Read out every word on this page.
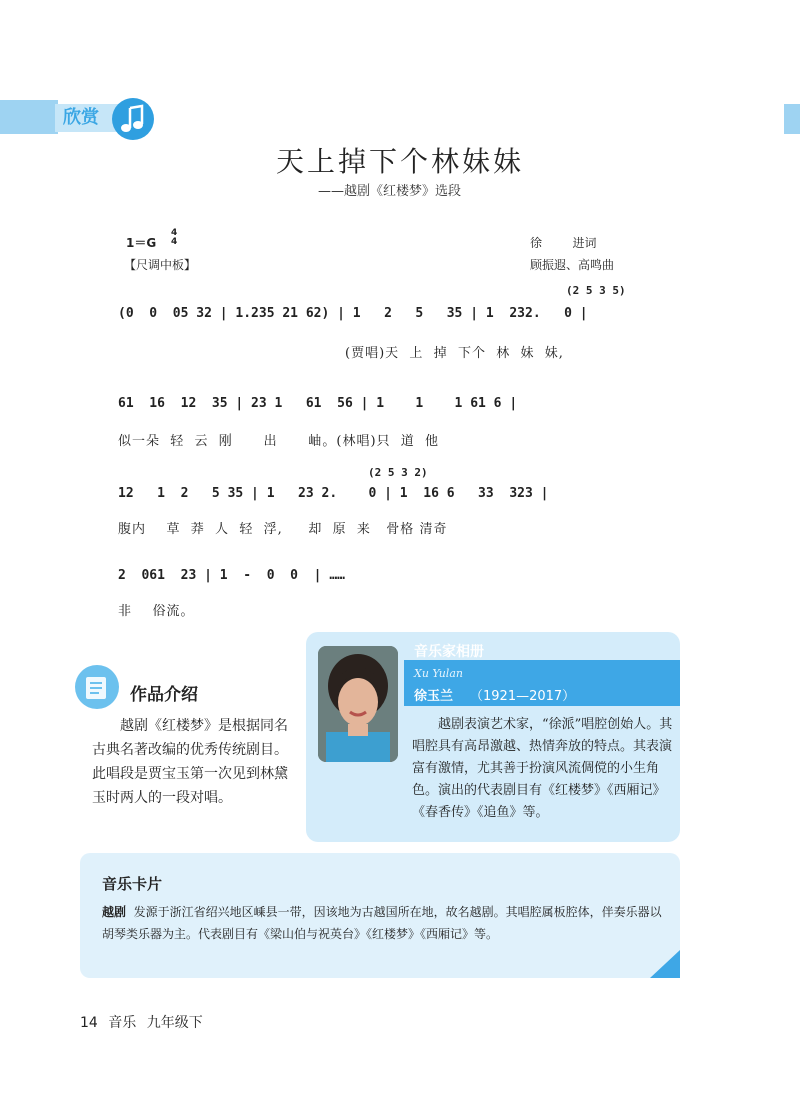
欣赏
天上掉下个林妹妹
——越剧《红楼梦》选段
1＝G
4
4
【尺调中板】
徐        进词
顾振遐、高鸣曲
(2 5 3 5)
(0  0  05 32 | 1.235 21 62) | 1   2   5   35 | 1  232.   0 |
(贾唱)天  上  掉  下个  林  妹  妹,
61  16  12  35 | 23 1   61  56 | 1    1    1 61 6 |
似一朵  轻  云  刚      出      岫。(林唱)只  道  他
(2 5 3 2)
12   1  2   5 35 | 1   23 2.    0 | 1  16 6   33  323 |
腹内    草  莽  人  轻  浮,     却  原  来   骨格 清奇
2  061  23 | 1  -  0  0  | ……
非    俗流。
作品介绍
越剧《红楼梦》是根据同名古典名著改编的优秀传统剧目。此唱段是贾宝玉第一次见到林黛玉时两人的一段对唱。
音乐家相册
Xu Yulan
徐玉兰 （1921—2017）
越剧表演艺术家，“徐派”唱腔创始人。其唱腔具有高昂激越、热情奔放的特点。其表演富有激情，尤其善于扮演风流倜傥的小生角色。演出的代表剧目有《红楼梦》《西厢记》《春香传》《追鱼》等。
音乐卡片
越剧 发源于浙江省绍兴地区嵊县一带，因该地为古越国所在地，故名越剧。其唱腔属板腔体，伴奏乐器以胡琴类乐器为主。代表剧目有《梁山伯与祝英台》《红楼梦》《西厢记》等。
14 音乐 九年级下
